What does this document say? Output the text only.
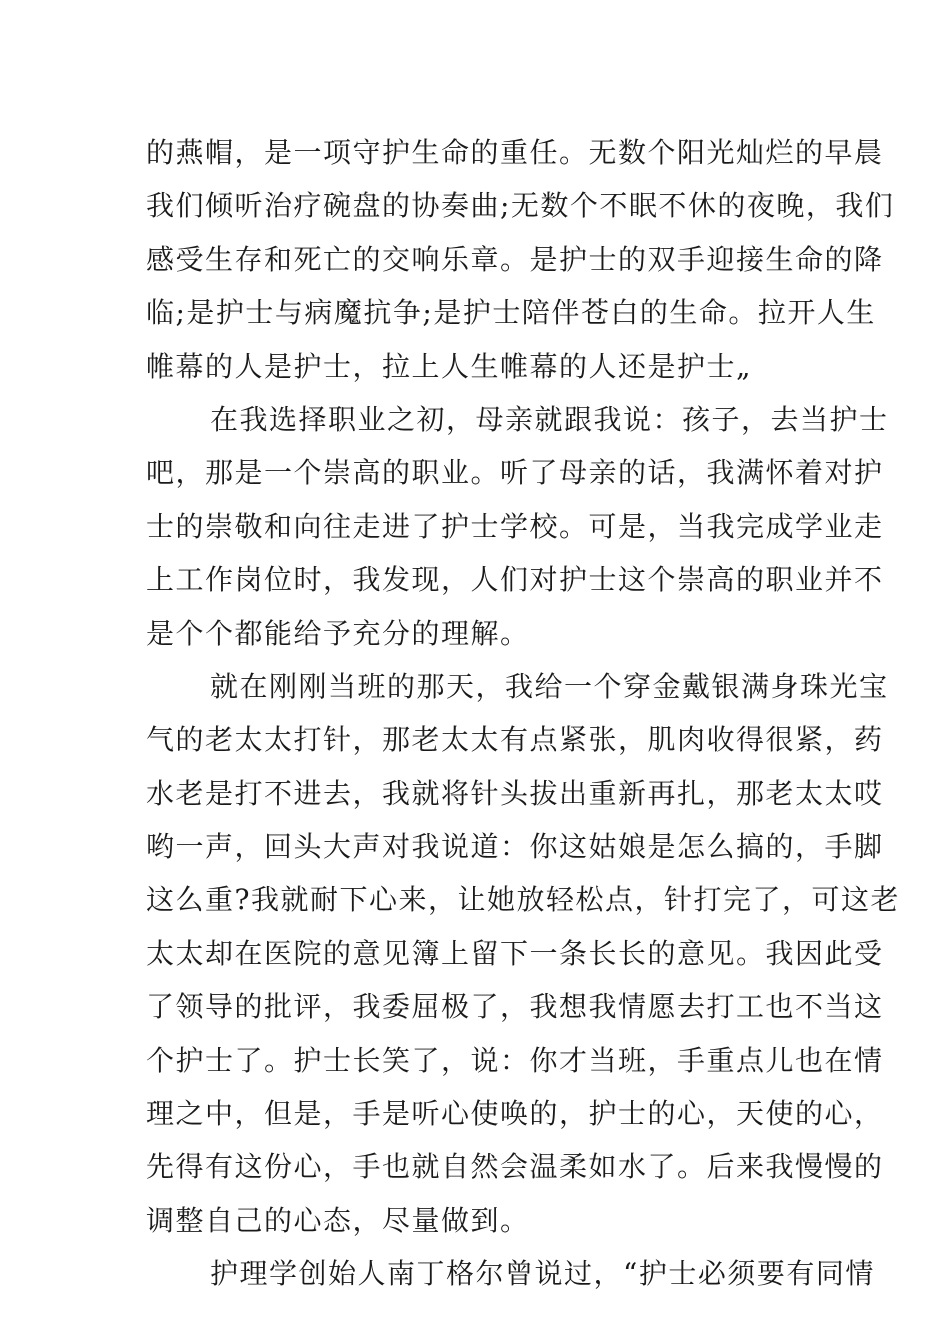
的燕帽，是一项守护生命的重任。无数个阳光灿烂的早晨
我们倾听治疗碗盘的协奏曲;无数个不眠不休的夜晚，我们
感受生存和死亡的交响乐章。是护士的双手迎接生命的降
临;是护士与病魔抗争;是护士陪伴苍白的生命。拉开人生
帷幕的人是护士，拉上人生帷幕的人还是护士„
在我选择职业之初，母亲就跟我说：孩子，去当护士
吧，那是一个崇高的职业。听了母亲的话，我满怀着对护
士的崇敬和向往走进了护士学校。可是，当我完成学业走
上工作岗位时，我发现，人们对护士这个崇高的职业并不
是个个都能给予充分的理解。
就在刚刚当班的那天，我给一个穿金戴银满身珠光宝
气的老太太打针，那老太太有点紧张，肌肉收得很紧，药
水老是打不进去，我就将针头拔出重新再扎，那老太太哎
哟一声，回头大声对我说道：你这姑娘是怎么搞的，手脚
这么重?我就耐下心来，让她放轻松点，针打完了，可这老
太太却在医院的意见簿上留下一条长长的意见。我因此受
了领导的批评，我委屈极了，我想我情愿去打工也不当这
个护士了。护士长笑了，说：你才当班，手重点儿也在情
理之中，但是，手是听心使唤的，护士的心，天使的心，
先得有这份心，手也就自然会温柔如水了。后来我慢慢的
调整自己的心态，尽量做到。
护理学创始人南丁格尔曾说过，“护士必须要有同情
